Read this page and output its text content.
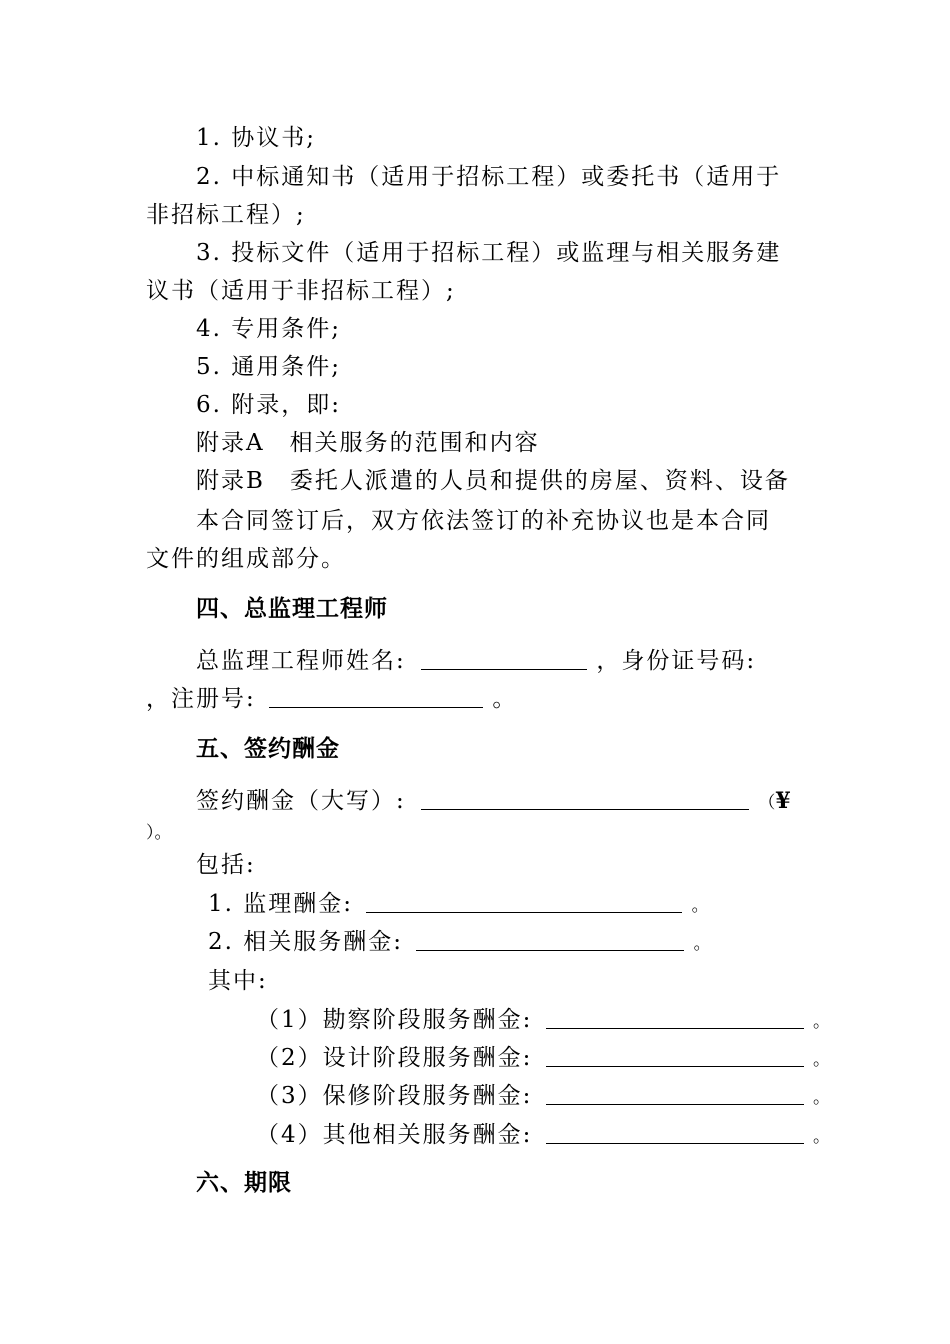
1. 协议书;
2. 中标通知书（适用于招标工程）或委托书（适用于
非招标工程）;
3. 投标文件（适用于招标工程）或监理与相关服务建
议书（适用于非招标工程）;
4. 专用条件;
5. 通用条件;
6. 附录，即:
附录A　相关服务的范围和内容
附录B　委托人派遣的人员和提供的房屋、资料、设备
本合同签订后，双方依法签订的补充协议也是本合同
文件的组成部分。
四、总监理工程师
总监理工程师姓名:	，身份证号码:
，注册号:	。
五、签约酬金
签约酬金（大写）:	（¥
）。
包括:
1. 监理酬金:	。
2. 相关服务酬金:	。
其中:
（1）勘察阶段服务酬金:	。
（2）设计阶段服务酬金:	。
（3）保修阶段服务酬金:	。
（4）其他相关服务酬金:	。
六、期限
